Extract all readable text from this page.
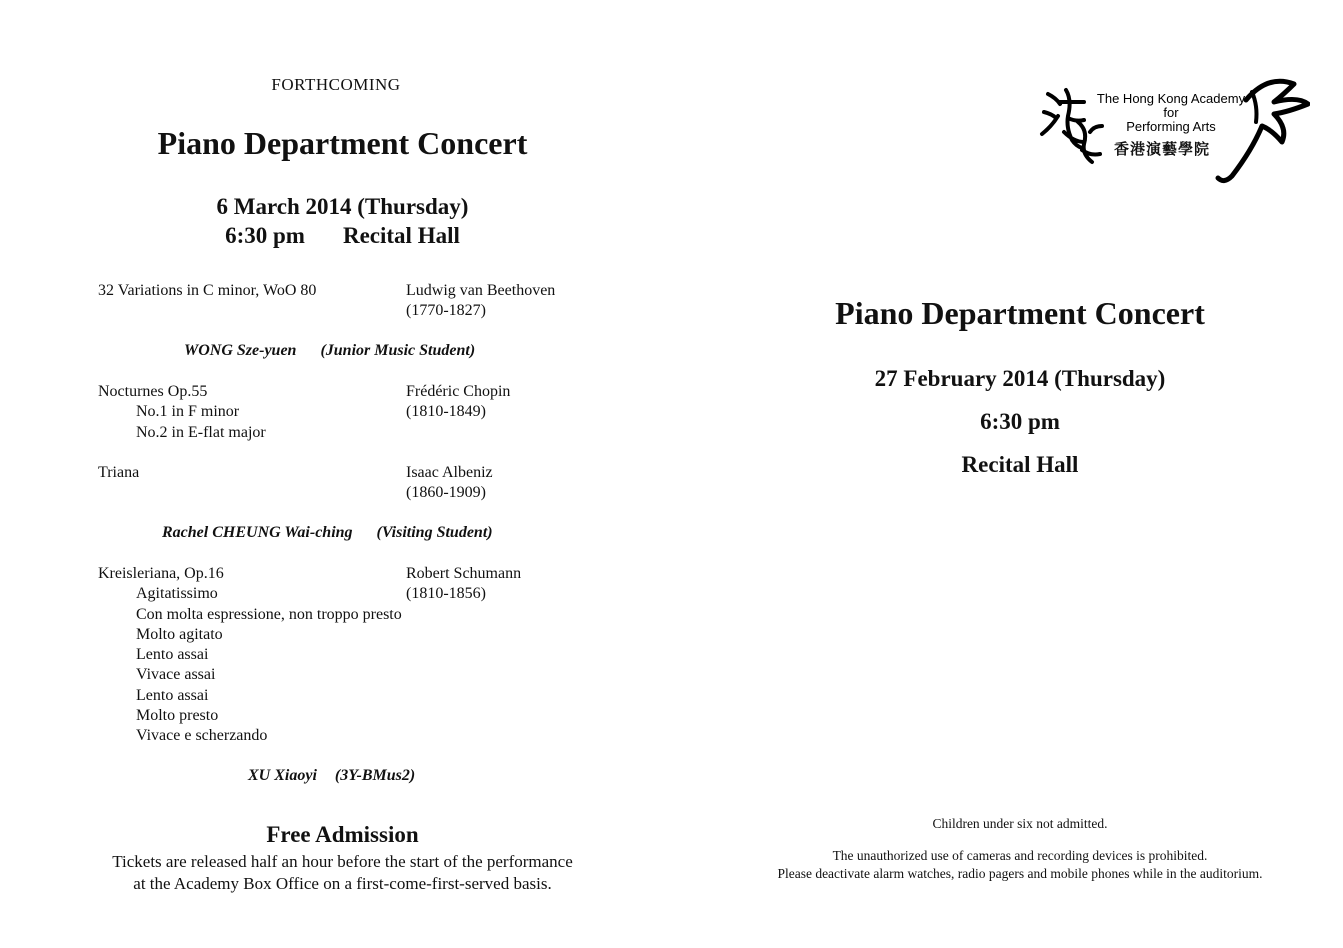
FORTHCOMING
Piano Department Concert
6 March 2014 (Thursday)
6:30 pm Recital Hall
32 Variations in C minor, WoO 80	Ludwig van Beethoven
(1770-1827)
WONG Sze-yuen (Junior Music Student)
Nocturnes Op.55
No.1 in F minor
No.2 in E-flat major
Frédéric Chopin
(1810-1849)
Triana	Isaac Albeniz
(1860-1909)
Rachel CHEUNG Wai-ching (Visiting Student)
Kreisleriana, Op.16
Agitatissimo
Con molta espressione, non troppo presto
Molto agitato
Lento assai
Vivace assai
Lento assai
Molto presto
Vivace e scherzando
Robert Schumann
(1810-1856)
XU Xiaoyi (3Y-BMus2)
Free Admission
Tickets are released half an hour before the start of the performance
at the Academy Box Office on a first-come-first-served basis.
The Hong Kong Academy
for
Performing Arts
香港演藝學院
Piano Department Concert
27 February 2014 (Thursday)
6:30 pm
Recital Hall
Children under six not admitted.
The unauthorized use of cameras and recording devices is prohibited.
Please deactivate alarm watches, radio pagers and mobile phones while in the auditorium.
